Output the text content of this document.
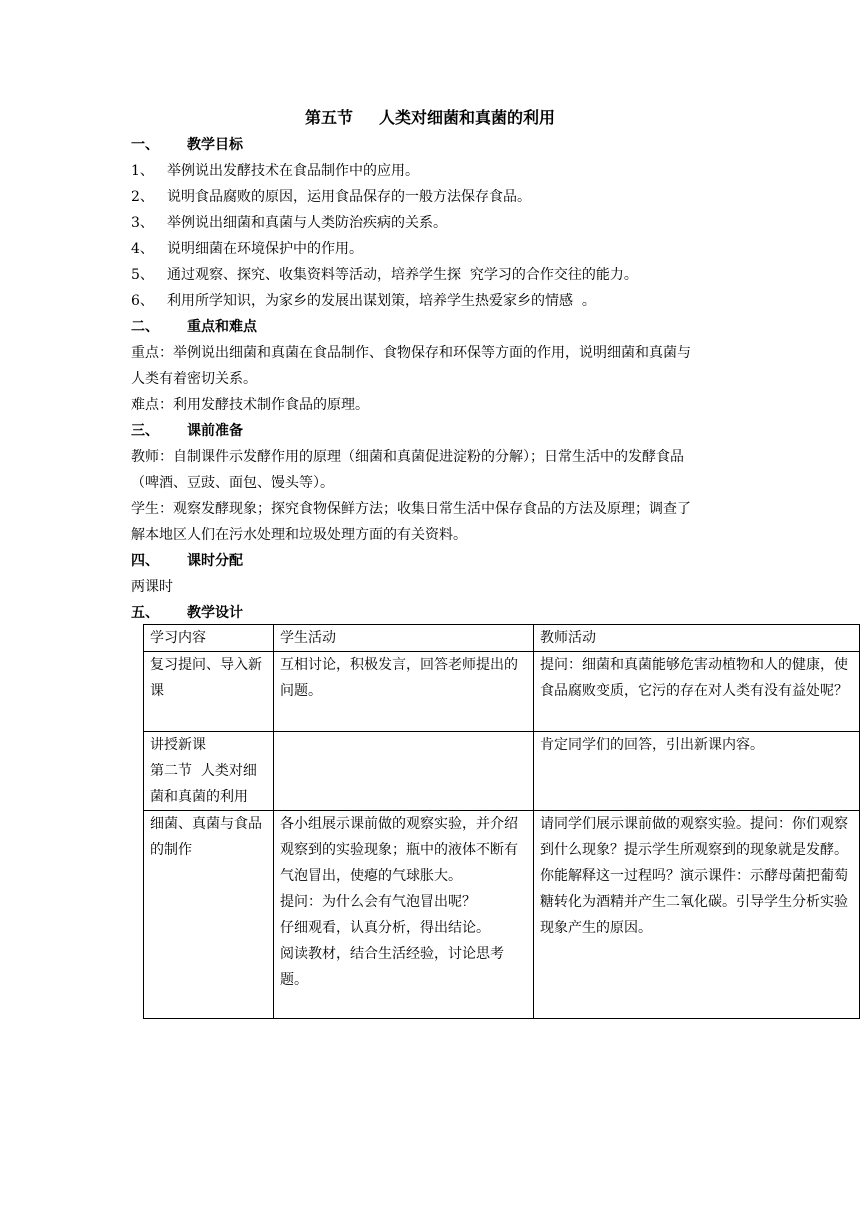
第五节 人类对细菌和真菌的利用
一、 教学目标
1、 举例说出发酵技术在食品制作中的应用。
2、 说明食品腐败的原因，运用食品保存的一般方法保存食品。
3、 举例说出细菌和真菌与人类防治疾病的关系。
4、 说明细菌在环境保护中的作用。
5、 通过观察、探究、收集资料等活动，培养学生探  究学习的合作交往的能力。
6、 利用所学知识，为家乡的发展出谋划策，培养学生热爱家乡的情感  。
二、 重点和难点
重点：举例说出细菌和真菌在食品制作、食物保存和环保等方面的作用，说明细菌和真菌与
人类有着密切关系。
难点：利用发酵技术制作食品的原理。
三、 课前准备
教师：自制课件示发酵作用的原理（细菌和真菌促进淀粉的分解）；日常生活中的发酵食品
（啤酒、豆豉、面包、馒头等）。
学生：观察发酵现象；探究食物保鲜方法；收集日常生活中保存食品的方法及原理；调查了
解本地区人们在污水处理和垃圾处理方面的有关资料。
四、 课时分配
两课时
五、 教学设计
学习内容	学生活动	教师活动

复习提问、导入新课	互相讨论，积极发言，回答老师提出的问题。	提问：细菌和真菌能够危害动植物和人的健康，使食品腐败变质，它污的存在对人类有没有益处呢？

讲授新课
第二节  人类对细菌和真菌的利用		肯定同学们的回答，引出新课内容。

细菌、真菌与食品的制作	各小组展示课前做的观察实验，并介绍观察到的实验现象；瓶中的液体不断有气泡冒出，使瘪的气球胀大。
提问：为什么会有气泡冒出呢？
仔细观看，认真分析，得出结论。
阅读教材，结合生活经验，讨论思考题。	请同学们展示课前做的观察实验。提问：你们观察到什么现象？提示学生所观察到的现象就是发酵。你能解释这一过程吗？演示课件：示酵母菌把葡萄糖转化为酒精并产生二氧化碳。引导学生分析实验现象产生的原因。
